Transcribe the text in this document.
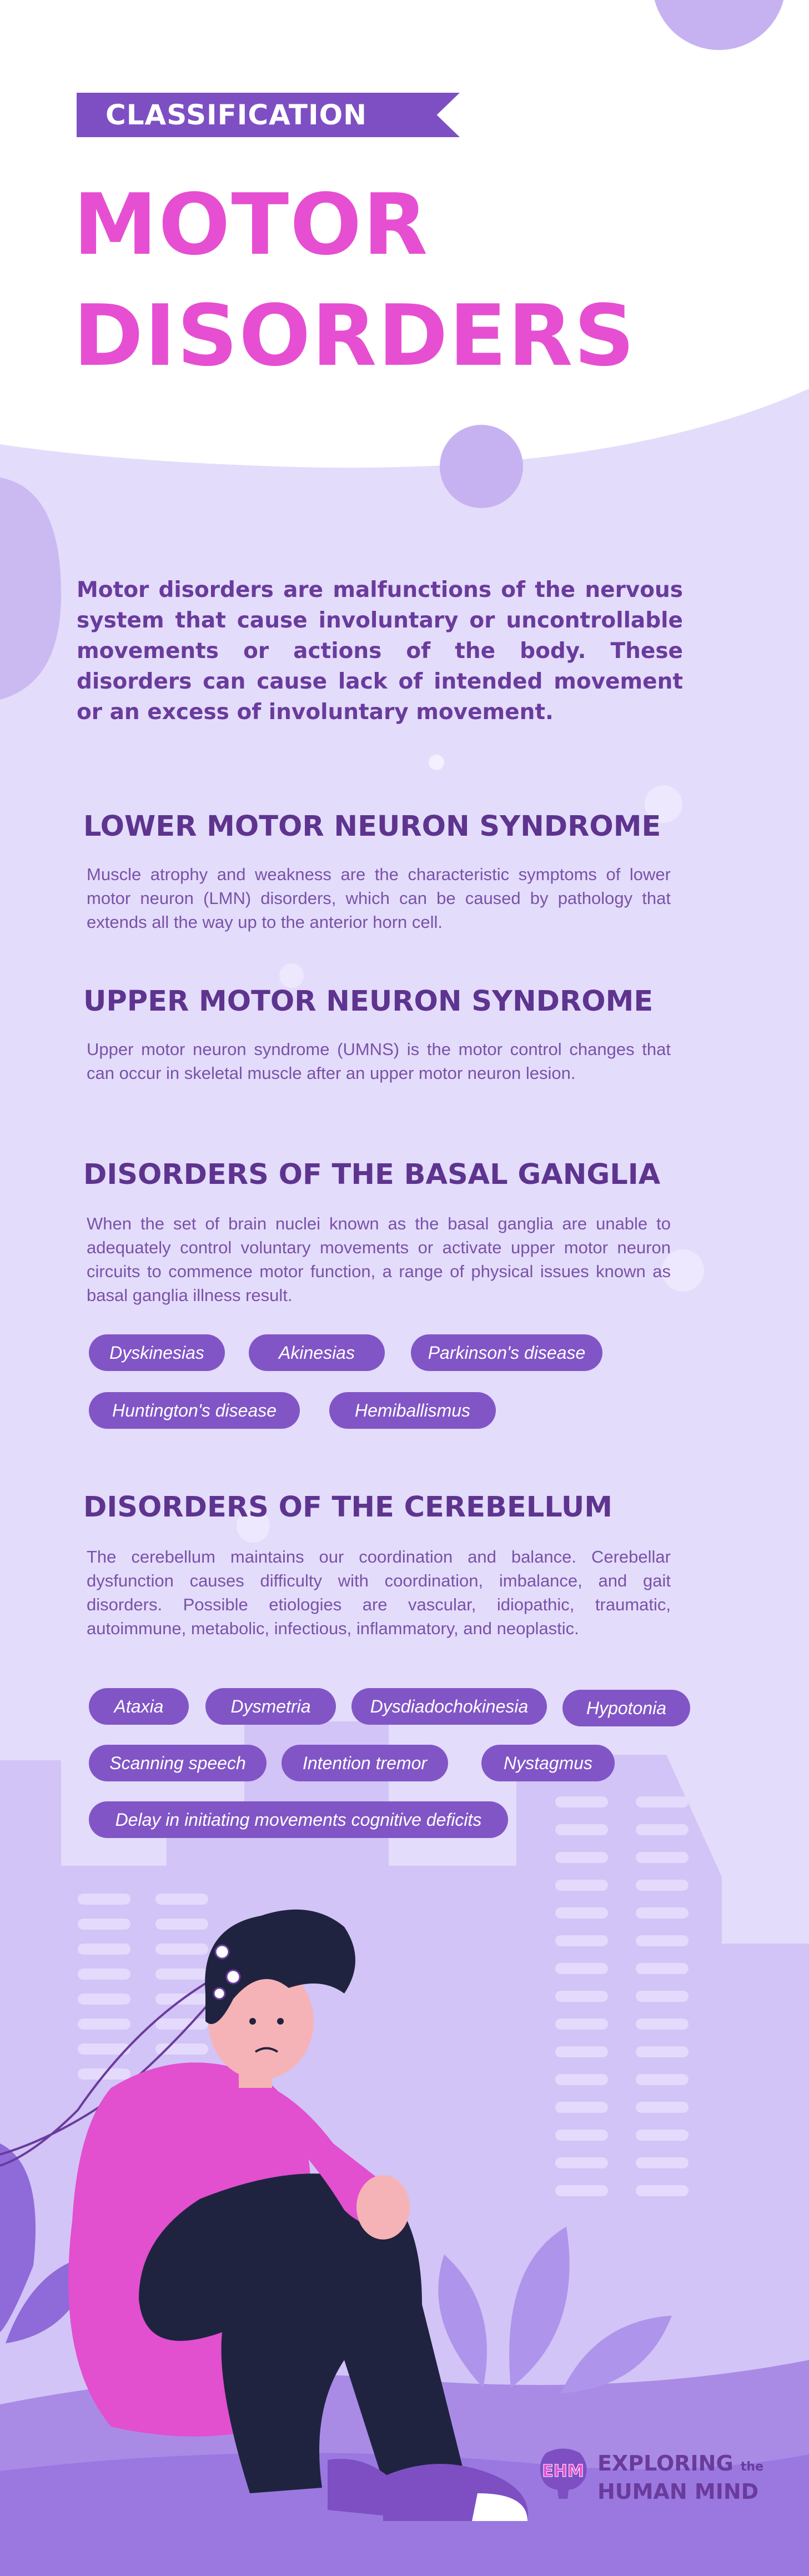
CLASSIFICATION
MOTOR
DISORDERS

Motor disorders are malfunctions of the nervous system that cause involuntary or uncontrollable movements or actions of the body. These disorders can cause lack of intended movement or an excess of involuntary movement.

LOWER MOTOR NEURON SYNDROME

Muscle atrophy and weakness are the characteristic symptoms of lower motor neuron (LMN) disorders, which can be caused by pathology that extends all the way up to the anterior horn cell.

UPPER MOTOR NEURON SYNDROME

Upper motor neuron syndrome (UMNS) is the motor control changes that can occur in skeletal muscle after an upper motor neuron lesion.

DISORDERS OF THE BASAL GANGLIA

When the set of brain nuclei known as the basal ganglia are unable to adequately control voluntary movements or activate upper motor neuron circuits to commence motor function, a range of physical issues known as basal ganglia illness result.

Dyskinesias	Akinesias	Parkinson's disease
Huntington's disease	Hemiballismus
DISORDERS OF THE CEREBELLUM

The cerebellum maintains our coordination and balance. Cerebellar dysfunction causes difficulty with coordination, imbalance, and gait disorders. Possible etiologies are vascular, idiopathic, traumatic, autoimmune, metabolic, infectious, inflammatory, and neoplastic.

Ataxia	Dysmetria	Dysdiadochokinesia	Hypotonia
Scanning speech	Intention tremor	Nystagmus
Delay in initiating movements cognitive deficits
EHM EXPLORING the
HUMAN MIND
